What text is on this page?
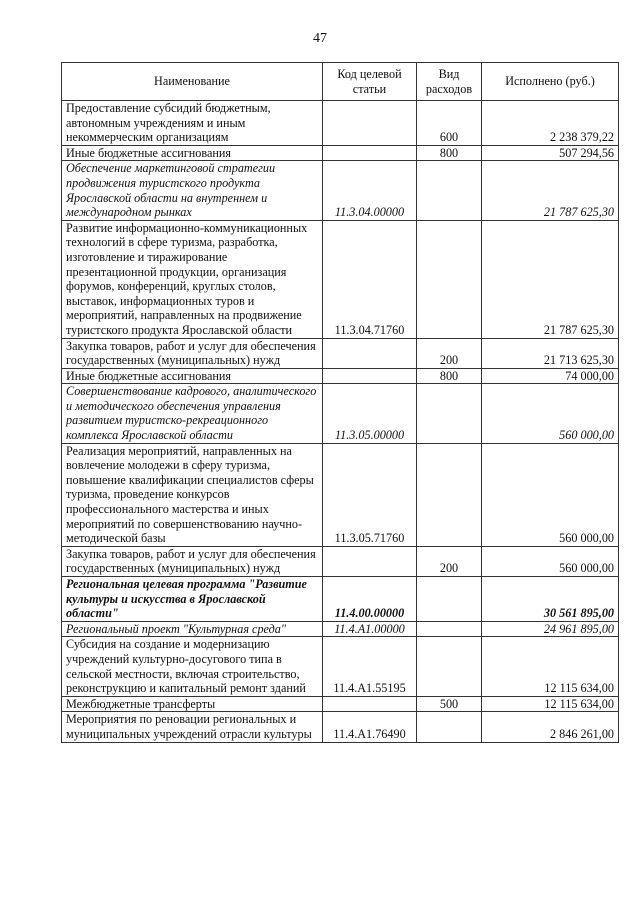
47
Наименование	Код целевой статьи	Вид расходов	Исполнено (руб.)
Предоставление субсидий бюджетным, автономным учреждениям и иным некоммерческим организациям		600	2 238 379,22
Иные бюджетные ассигнования		800	507 294,56
Обеспечение маркетинговой стратегии продвижения туристского продукта Ярославской области на внутреннем и международном рынках	11.3.04.00000		21 787 625,30
Развитие информационно-коммуникационных технологий в сфере туризма, разработка, изготовление и тиражирование презентационной продукции, организация форумов, конференций, круглых столов, выставок, информационных туров и мероприятий, направленных на продвижение туристского продукта Ярославской области	11.3.04.71760		21 787 625,30
Закупка товаров, работ и услуг для обеспечения государственных (муниципальных) нужд		200	21 713 625,30
Иные бюджетные ассигнования		800	74 000,00
Совершенствование кадрового, аналитического и методического обеспечения управления развитием туристско-рекреационного комплекса Ярославской области	11.3.05.00000		560 000,00
Реализация мероприятий, направленных на вовлечение молодежи в сферу туризма, повышение квалификации специалистов сферы туризма, проведение конкурсов профессионального мастерства и иных мероприятий по совершенствованию научно-методической базы	11.3.05.71760		560 000,00
Закупка товаров, работ и услуг для обеспечения государственных (муниципальных) нужд		200	560 000,00
Региональная целевая программа "Развитие культуры и искусства в Ярославской области"	11.4.00.00000		30 561 895,00
Региональный проект "Культурная среда"	11.4.A1.00000		24 961 895,00
Субсидия на создание и модернизацию учреждений культурно-досугового типа в сельской местности, включая строительство, реконструкцию и капитальный ремонт зданий	11.4.A1.55195		12 115 634,00
Межбюджетные трансферты		500	12 115 634,00
Мероприятия по реновации региональных и муниципальных учреждений отрасли культуры	11.4.A1.76490		2 846 261,00
